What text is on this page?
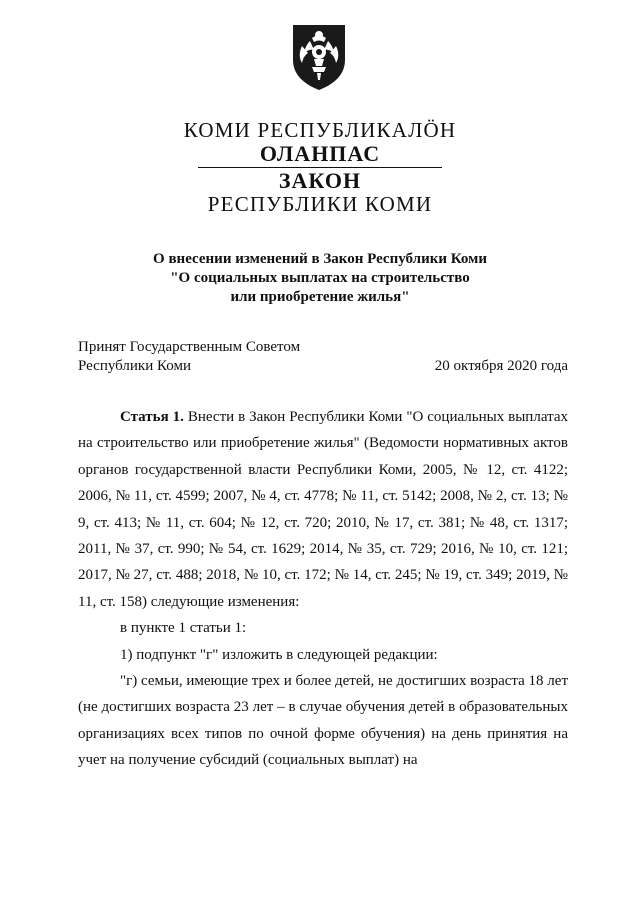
КОМИ РЕСПУБЛИКАЛÖН
ОЛАНПАС
ЗАКОН
РЕСПУБЛИКИ КОМИ
О внесении изменений в Закон Республики Коми
"О социальных выплатах на строительство
или приобретение жилья"
Принят Государственным Советом
Республики Коми	20 октября 2020 года

Статья 1. Внести в Закон Республики Коми "О социальных выплатах на строительство или приобретение жилья" (Ведомости нормативных актов органов государственной власти Республики Коми, 2005, № 12, ст. 4122; 2006, № 11, ст. 4599; 2007, № 4, ст. 4778; № 11, ст. 5142; 2008, № 2, ст. 13; № 9, ст. 413; № 11, ст. 604; № 12, ст. 720; 2010, № 17, ст. 381; № 48, ст. 1317; 2011, № 37, ст. 990; № 54, ст. 1629; 2014, № 35, ст. 729; 2016, № 10, ст. 121; 2017, № 27, ст. 488; 2018, № 10, ст. 172; № 14, ст. 245; № 19, ст. 349; 2019, № 11, ст. 158) следующие изменения:

в пункте 1 статьи 1:

1) подпункт "г" изложить в следующей редакции:

"г) семьи, имеющие трех и более детей, не достигших возраста 18 лет (не достигших возраста 23 лет – в случае обучения детей в образовательных организациях всех типов по очной форме обучения) на день принятия на учет на получение субсидий (социальных выплат) на
